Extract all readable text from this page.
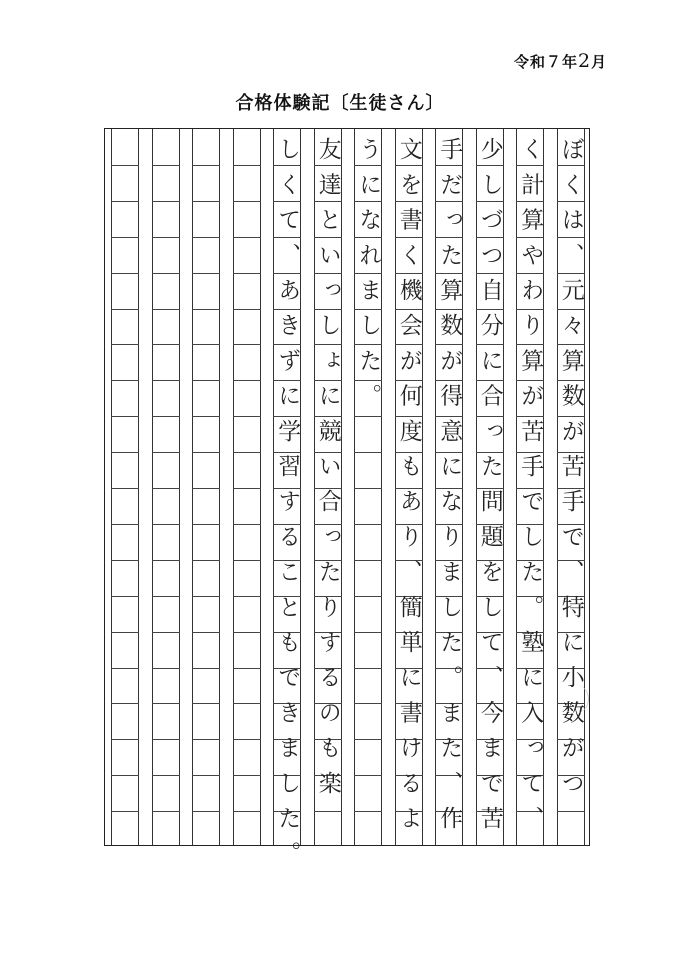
令和７年2月
合格体験記〔生徒さん〕
ぼくは、元々算数が苦手で、特に小数がつ
く計算やわり算が苦手でした。塾に入って、
少しづつ自分に合った問題をして、今まで苦
手だった算数が得意になりました。また、作
文を書く機会が何度もあり、簡単に書けるよ
うになれました。
友達といっしょに競い合ったりするのも楽
しくて、あきずに学習することもできました。
